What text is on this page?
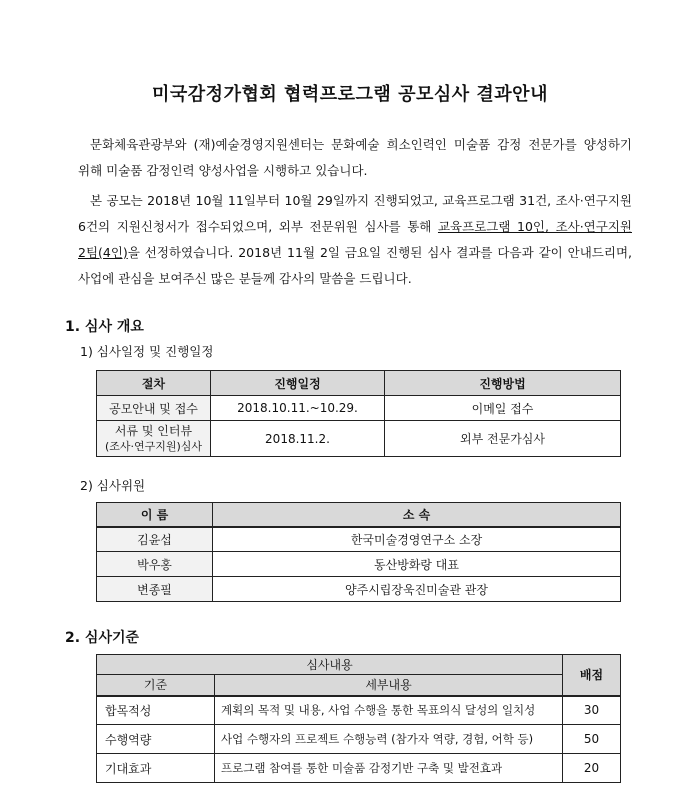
미국감정가협회 협력프로그램 공모심사 결과안내
문화체육관광부와 (재)예술경영지원센터는 문화예술 희소인력인 미술품 감정 전문가를 양성하기 위해 미술품 감정인력 양성사업을 시행하고 있습니다.
본 공모는 2018년 10월 11일부터 10월 29일까지 진행되었고, 교육프로그램 31건, 조사·연구지원 6건의 지원신청서가 접수되었으며, 외부 전문위원 심사를 통해 교육프로그램 10인, 조사·연구지원 2팀(4인)을 선정하였습니다. 2018년 11월 2일 금요일 진행된 심사 결과를 다음과 같이 안내드리며, 사업에 관심을 보여주신 많은 분들께 감사의 말씀을 드립니다.
1. 심사 개요
1) 심사일정 및 진행일정
절차	진행일정	진행방법
공모안내 및 접수	2018.10.11.~10.29.	이메일 접수

서류 및 인터뷰
(조사·연구지원)심사	2018.11.2.	외부 전문가심사
2) 심사위원
이 름	소 속
김윤섭	한국미술경영연구소 소장
박우홍	동산방화랑 대표
변종필	양주시립장욱진미술관 관장
2. 심사기준
심사내용		배점
기준	세부내용	
합목적성	계획의 목적 및 내용, 사업 수행을 통한 목표의식 달성의 일치성	30
수행역량	사업 수행자의 프로젝트 수행능력 (참가자 역량, 경험, 어학 등)	50
기대효과	프로그램 참여를 통한 미술품 감정기반 구축 및 발전효과	20
